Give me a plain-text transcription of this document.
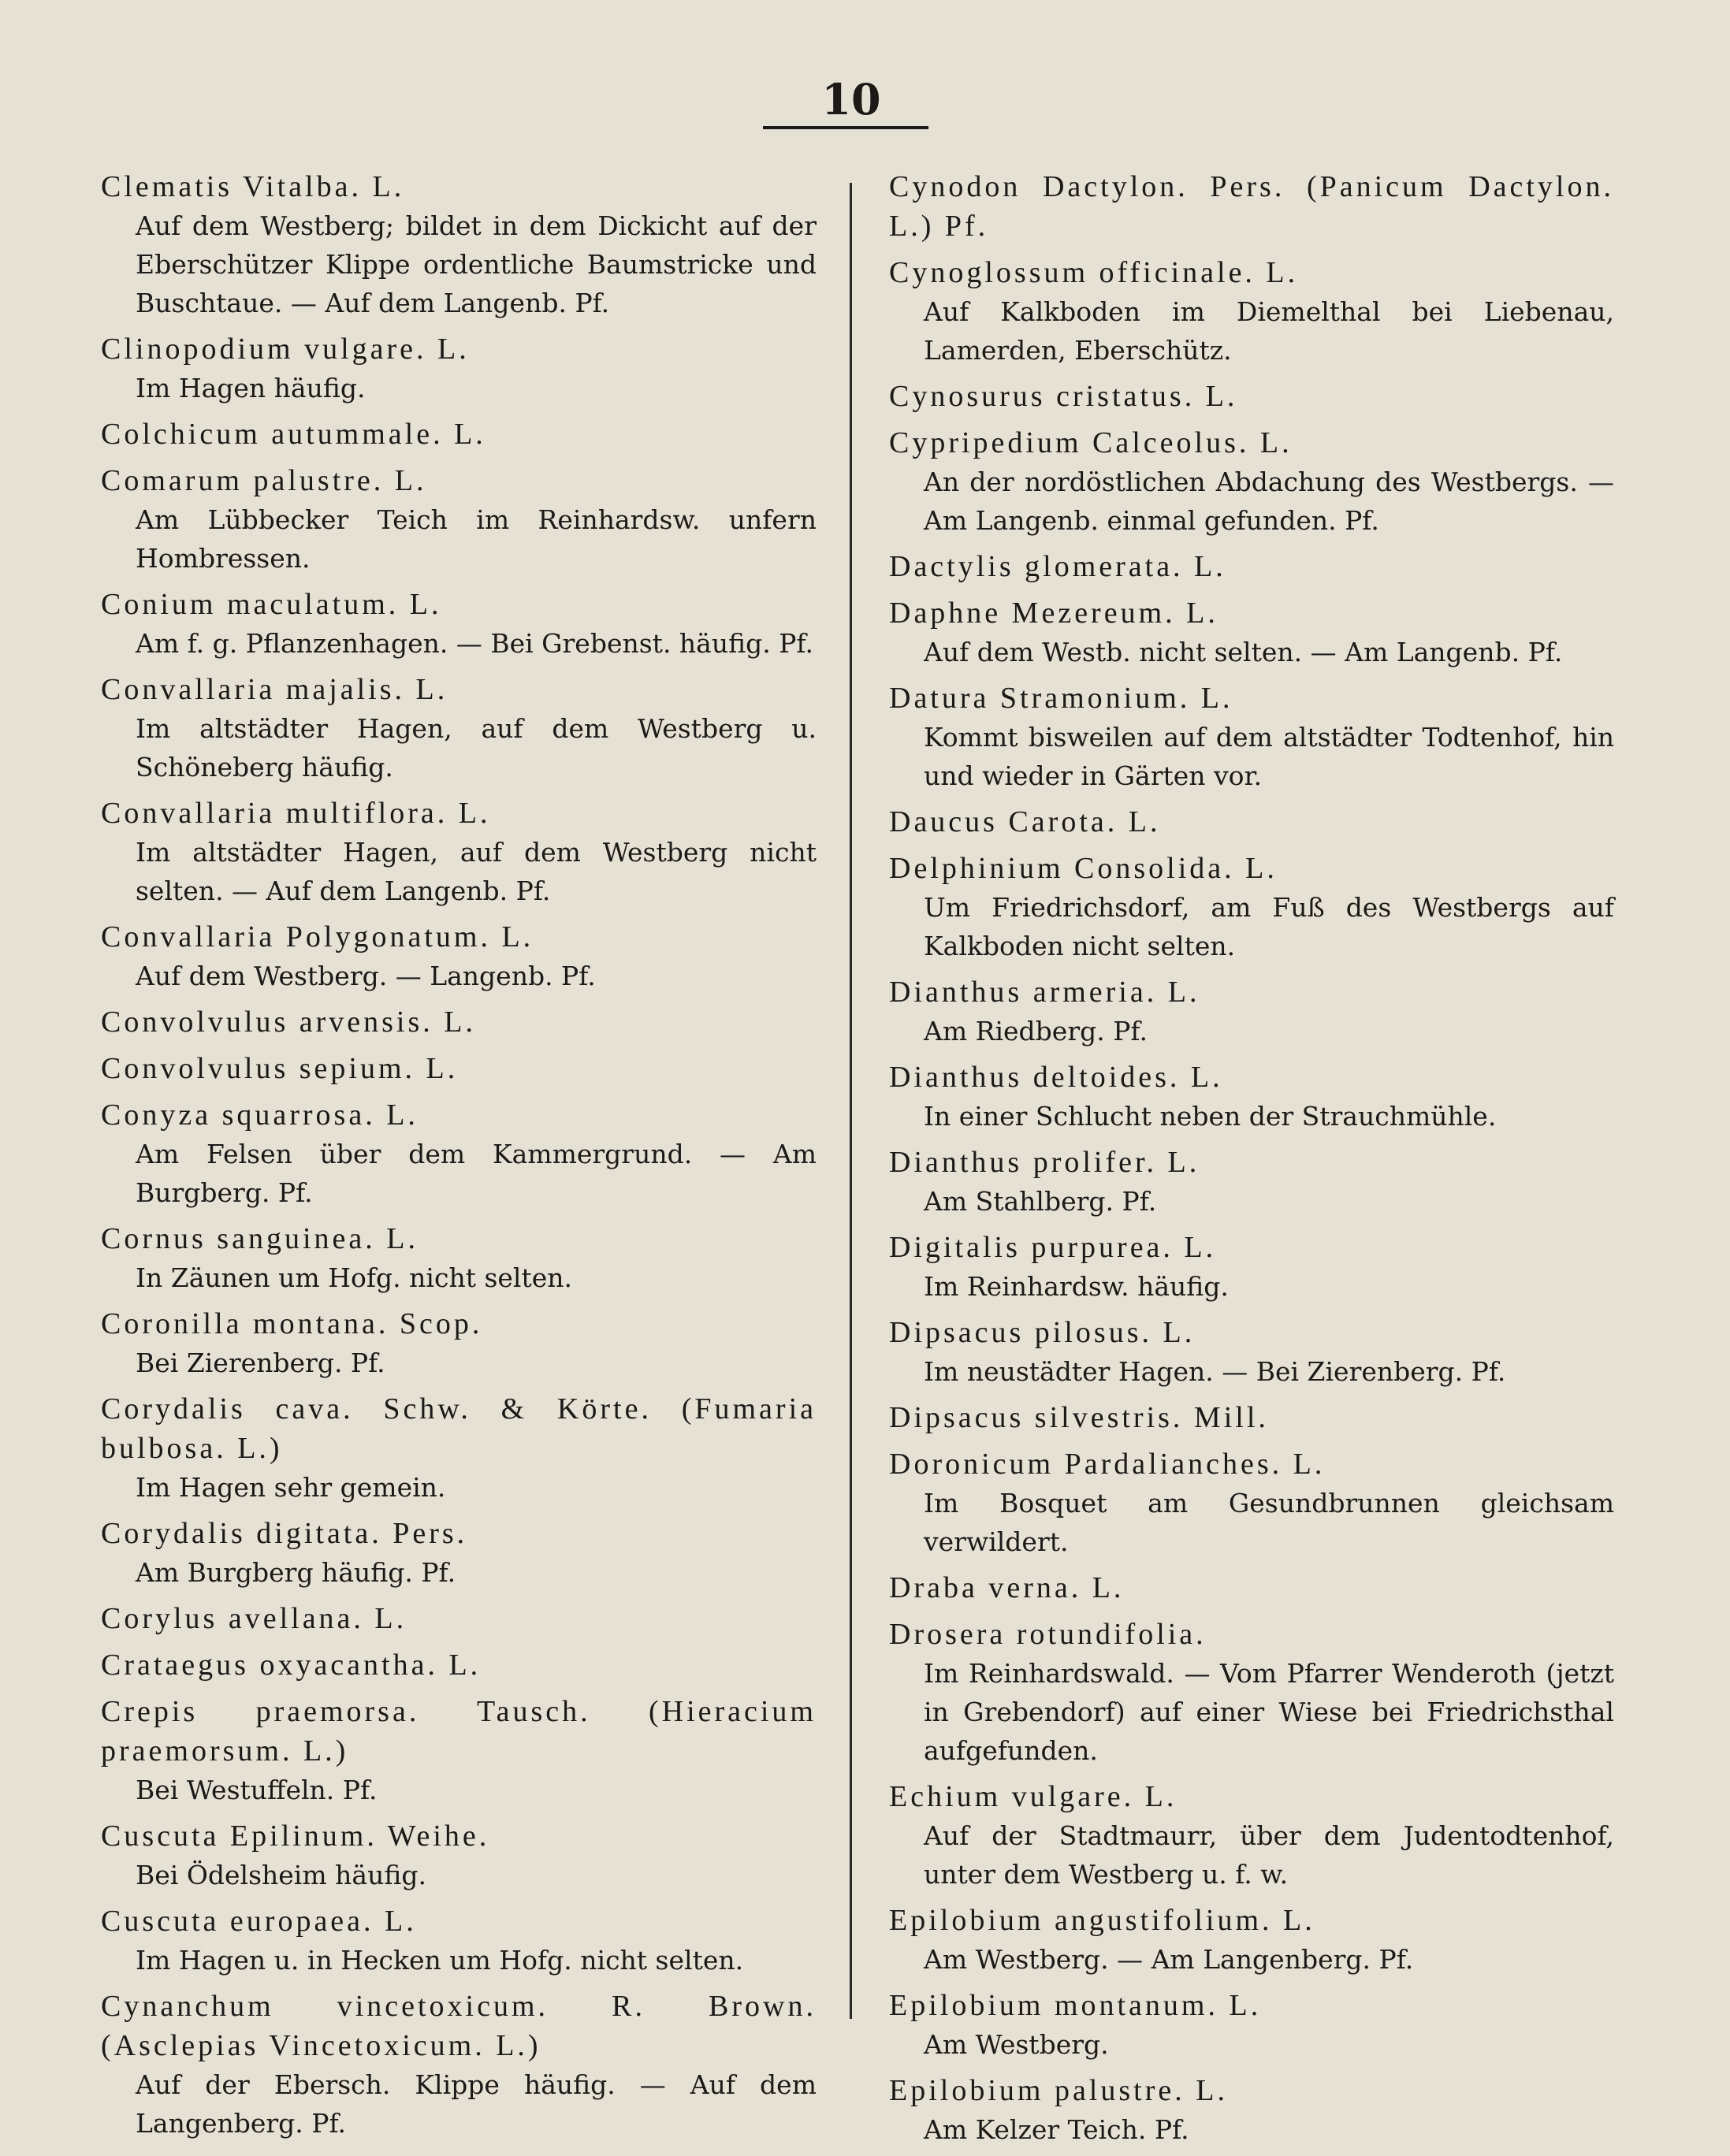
10
Clematis Vitalba. L.
Auf dem Westberg; bildet in dem Dickicht auf der Eberschützer Klippe ordentliche Baumstricke und Buschtaue. — Auf dem Langenb. Pf.
Clinopodium vulgare. L.
Im Hagen häufig.
Colchicum autummale. L.
Comarum palustre. L.
Am Lübbecker Teich im Reinhardsw. unfern Hombressen.
Conium maculatum. L.
Am f. g. Pflanzenhagen. — Bei Grebenst. häufig. Pf.
Convallaria majalis. L.
Im altstädter Hagen, auf dem Westberg u. Schöneberg häufig.
Convallaria multiflora. L.
Im altstädter Hagen, auf dem Westberg nicht selten. — Auf dem Langenb. Pf.
Convallaria Polygonatum. L.
Auf dem Westberg. — Langenb. Pf.
Convolvulus arvensis. L.
Convolvulus sepium. L.
Conyza squarrosa. L.
Am Felsen über dem Kammergrund. — Am Burgberg. Pf.
Cornus sanguinea. L.
In Zäunen um Hofg. nicht selten.
Coronilla montana. Scop.
Bei Zierenberg. Pf.
Corydalis cava. Schw. & Körte. (Fumaria bulbosa. L.)
Im Hagen sehr gemein.
Corydalis digitata. Pers.
Am Burgberg häufig. Pf.
Corylus avellana. L.
Crataegus oxyacantha. L.
Crepis praemorsa. Tausch. (Hieracium praemorsum. L.)
Bei Westuffeln. Pf.
Cuscuta Epilinum. Weihe.
Bei Ödelsheim häufig.
Cuscuta europaea. L.
Im Hagen u. in Hecken um Hofg. nicht selten.
Cynanchum vincetoxicum. R. Brown. (Asclepias Vincetoxicum. L.)
Auf der Ebersch. Klippe häufig. — Auf dem Langenberg. Pf.
Cynodon Dactylon. Pers. (Panicum Dactylon. L.) Pf.
Cynoglossum officinale. L.
Auf Kalkboden im Diemelthal bei Liebenau, Lamerden, Eberschütz.
Cynosurus cristatus. L.
Cypripedium Calceolus. L.
An der nordöstlichen Abdachung des Westbergs. — Am Langenb. einmal gefunden. Pf.
Dactylis glomerata. L.
Daphne Mezereum. L.
Auf dem Westb. nicht selten. — Am Langenb. Pf.
Datura Stramonium. L.
Kommt bisweilen auf dem altstädter Todtenhof, hin und wieder in Gärten vor.
Daucus Carota. L.
Delphinium Consolida. L.
Um Friedrichsdorf, am Fuß des Westbergs auf Kalkboden nicht selten.
Dianthus armeria. L.
Am Riedberg. Pf.
Dianthus deltoides. L.
In einer Schlucht neben der Strauchmühle.
Dianthus prolifer. L.
Am Stahlberg. Pf.
Digitalis purpurea. L.
Im Reinhardsw. häufig.
Dipsacus pilosus. L.
Im neustädter Hagen. — Bei Zierenberg. Pf.
Dipsacus silvestris. Mill.
Doronicum Pardalianches. L.
Im Bosquet am Gesundbrunnen gleichsam verwildert.
Draba verna. L.
Drosera rotundifolia.
Im Reinhardswald. — Vom Pfarrer Wenderoth (jetzt in Grebendorf) auf einer Wiese bei Friedrichsthal aufgefunden.
Echium vulgare. L.
Auf der Stadtmaurr, über dem Judentodtenhof, unter dem Westberg u. f. w.
Epilobium angustifolium. L.
Am Westberg. — Am Langenberg. Pf.
Epilobium montanum. L.
Am Westberg.
Epilobium palustre. L.
Am Kelzer Teich. Pf.
